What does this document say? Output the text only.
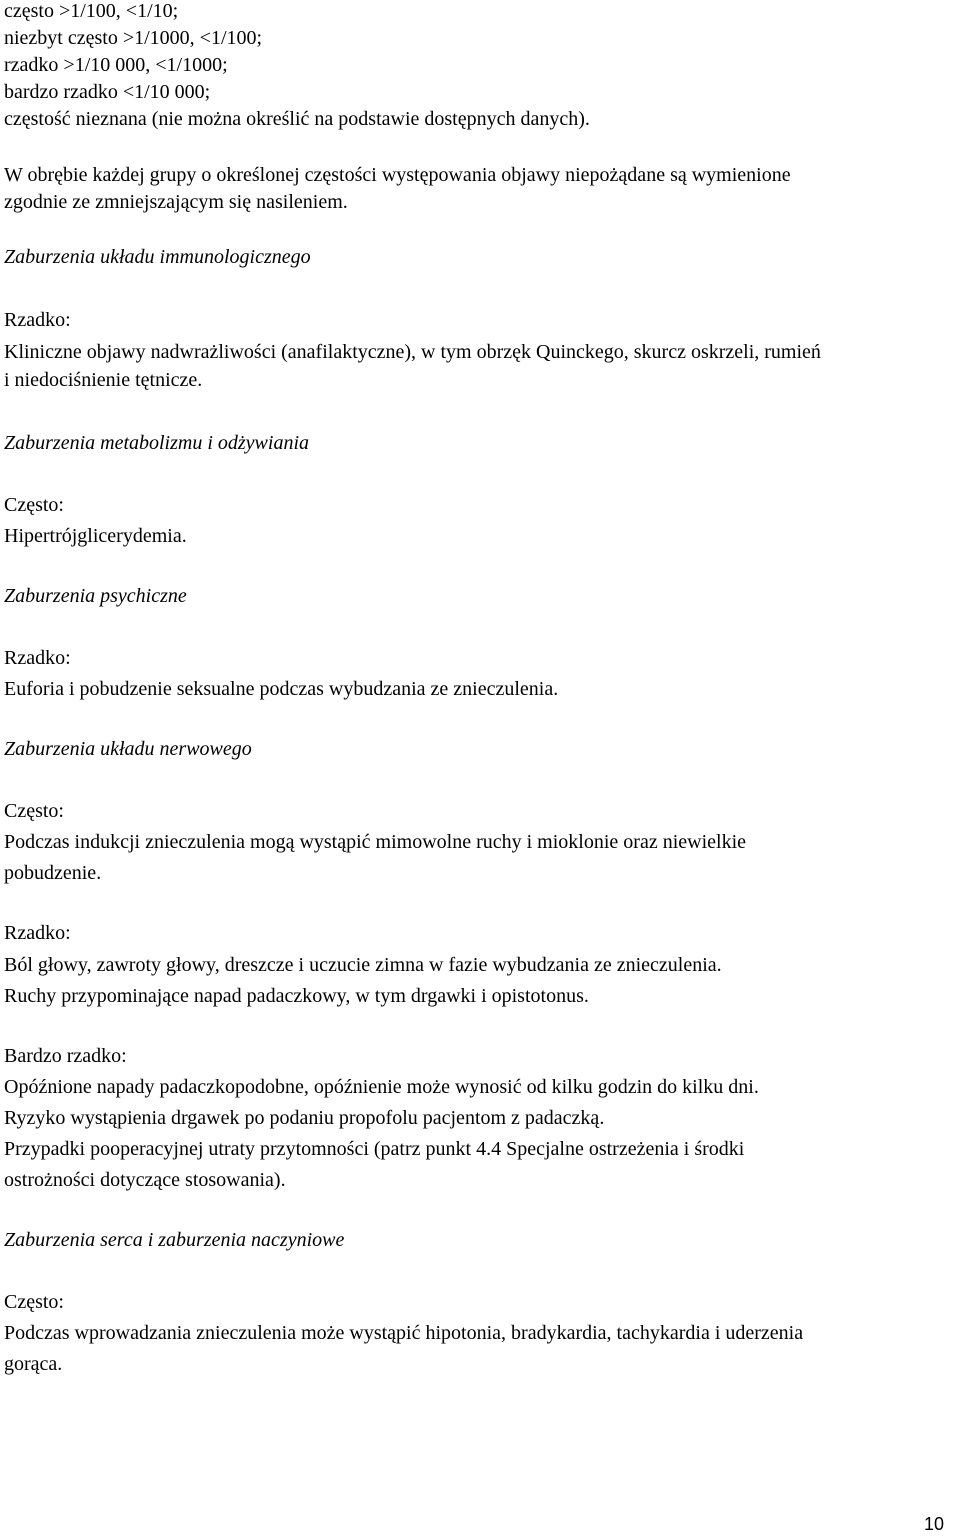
często >1/100, <1/10;
niezbyt często >1/1000, <1/100;
rzadko >1/10 000, <1/1000;
bardzo rzadko <1/10 000;
częstość nieznana (nie można określić na podstawie dostępnych danych).
W obrębie każdej grupy o określonej częstości występowania objawy niepożądane są wymienione
zgodnie ze zmniejszającym się nasileniem.
Zaburzenia układu immunologicznego
Rzadko:
Kliniczne objawy nadwrażliwości (anafilaktyczne), w tym obrzęk Quinckego, skurcz oskrzeli, rumień
i niedociśnienie tętnicze.
Zaburzenia metabolizmu i odżywiania
Często:
Hipertrójglicerydemia.
Zaburzenia psychiczne
Rzadko:
Euforia i pobudzenie seksualne podczas wybudzania ze znieczulenia.
Zaburzenia układu nerwowego
Często:
Podczas indukcji znieczulenia mogą wystąpić mimowolne ruchy i mioklonie oraz niewielkie
pobudzenie.
Rzadko:
Ból głowy, zawroty głowy, dreszcze i uczucie zimna w fazie wybudzania ze znieczulenia.
Ruchy przypominające napad padaczkowy, w tym drgawki i opistotonus.
Bardzo rzadko:
Opóźnione napady padaczkopodobne, opóźnienie może wynosić od kilku godzin do kilku dni.
Ryzyko wystąpienia drgawek po podaniu propofolu pacjentom z padaczką.
Przypadki pooperacyjnej utraty przytomności (patrz punkt 4.4 Specjalne ostrzeżenia i środki
ostrożności dotyczące stosowania).
Zaburzenia serca i zaburzenia naczyniowe
Często:
Podczas wprowadzania znieczulenia może wystąpić hipotonia, bradykardia, tachykardia i uderzenia
gorąca.
10
